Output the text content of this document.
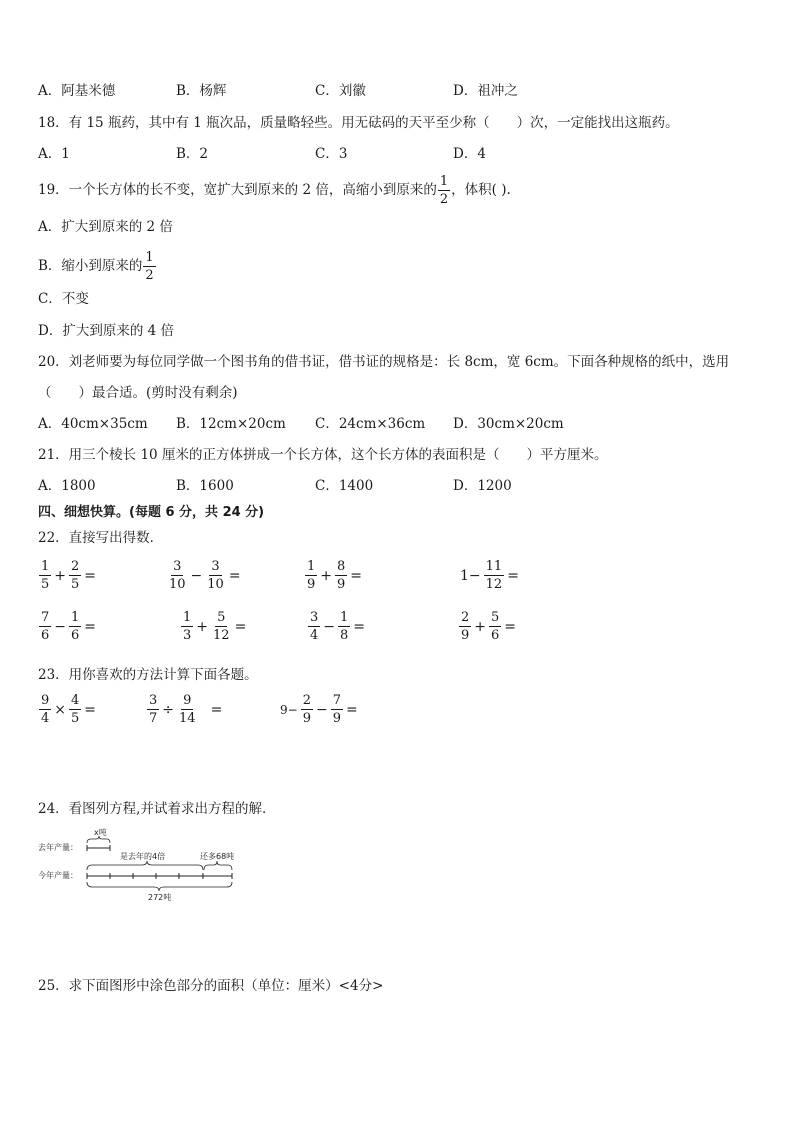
A．阿基米德	B．杨辉	C．刘徽	D．祖冲之
18．有 15 瓶药，其中有 1 瓶次品，质量略轻些。用无砝码的天平至少称（　　）次，一定能找出这瓶药。
A．1	B．2	C．3	D．4
19．一个长方体的长不变，宽扩大到原来的 2 倍，高缩小到原来的 $\frac{1}{2}$ ，体积( ).
A．扩大到原来的 2 倍
B．缩小到原来的 $\frac{1}{2}$
C．不变
D．扩大到原来的 4 倍
20．刘老师要为每位同学做一个图书角的借书证，借书证的规格是：长 8cm，宽 6cm。下面各种规格的纸中，选用
（　　）最合适。(剪时没有剩余)
A．40cm×35cm B．12cm×20cm C．24cm×36cm D．30cm×20cm
21．用三个棱长 10 厘米的正方体拼成一个长方体，这个长方体的表面积是（　　）平方厘米。
A．1800	B．1600	C．1400	D．1200
四、细想快算。(每题 6 分，共 24 分)
22．直接写出得数．
$\frac{1}{5} + \frac{2}{5}$ =	$\frac{3}{10} - \frac{3}{10}$ =	$\frac{1}{9} + \frac{8}{9}$ =	$1- \frac{11}{12}$ =
$\frac{7}{6} - \frac{1}{6}$ =	$\frac{1}{3} + \frac{5}{12}$ =	$\frac{3}{4} - \frac{1}{8}$ =	$\frac{2}{9} + \frac{5}{6}$ =
23．用你喜欢的方法计算下面各题。
$\frac{9}{4} \times \frac{4}{5}$ =	$\frac{3}{7} \div \frac{9}{14}$ =	$9- \frac{2}{9} - \frac{7}{9}$ =
24．看图列方程,并试着求出方程的解．
去年产量：
x吨
今年产量：
是去年的4倍	还多68吨
272吨
25．求下面图形中涂色部分的面积（单位：厘米）<4分>
